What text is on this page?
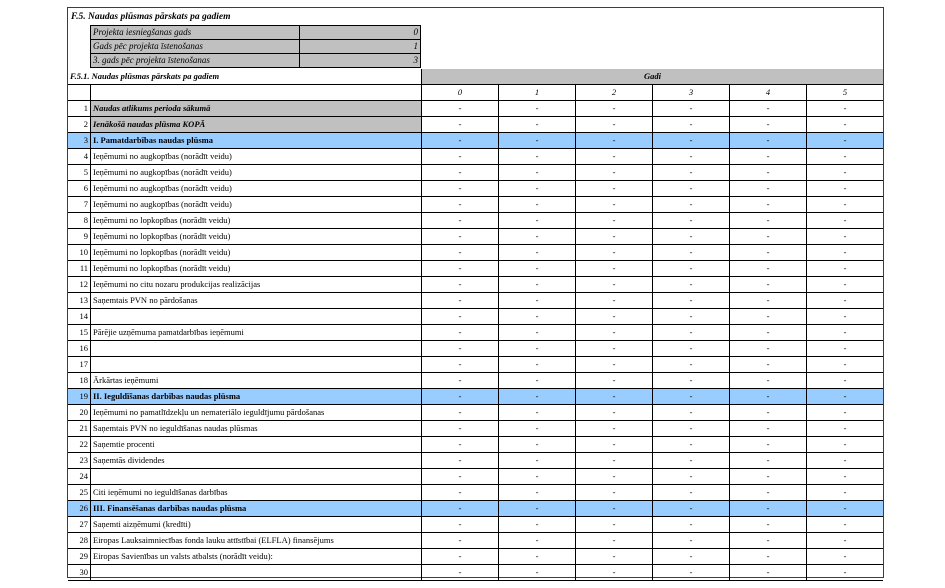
F.5. Naudas plūsmas pārskats pa gadiem
Projekta iesniegšanas gads	0
Gads pēc projekta īstenošanas	1
3. gads pēc projekta īstenošanas	3
F.5.1. Naudas plūsmas pārskats pa gadiem		Gadi					
		0	1	2	3	4	5
1	Naudas atlikums perioda sākumā	-	-	-	-	-	-
2	Ienākošā naudas plūsma KOPĀ	-	-	-	-	-	-
3	I. Pamatdarbības naudas plūsma	-	-	-	-	-	-
4	Ieņēmumi no augkopības (norādīt veidu)	-	-	-	-	-	-
5	Ieņēmumi no augkopības (norādīt veidu)	-	-	-	-	-	-
6	Ieņēmumi no augkopības (norādīt veidu)	-	-	-	-	-	-
7	Ieņēmumi no augkopības (norādīt veidu)	-	-	-	-	-	-
8	Ieņēmumi no lopkopības (norādīt veidu)	-	-	-	-	-	-
9	Ieņēmumi no lopkopības (norādīt veidu)	-	-	-	-	-	-
10	Ieņēmumi no lopkopības (norādīt veidu)	-	-	-	-	-	-
11	Ieņēmumi no lopkopības (norādīt veidu)	-	-	-	-	-	-
12	Ieņēmumi no citu nozaru produkcijas realizācijas	-	-	-	-	-	-
13	Saņemtais PVN no pārdošanas	-	-	-	-	-	-
14		-	-	-	-	-	-
15	Pārējie uzņēmuma pamatdarbības ieņēmumi	-	-	-	-	-	-
16		-	-	-	-	-	-
17		-	-	-	-	-	-
18	Ārkārtas ieņēmumi	-	-	-	-	-	-
19	II. Ieguldīšanas darbības naudas plūsma	-	-	-	-	-	-
20	Ieņēmumi no pamatlīdzekļu un nemateriālo ieguldījumu pārdošanas	-	-	-	-	-	-
21	Saņemtais PVN no ieguldīšanas naudas plūsmas	-	-	-	-	-	-
22	Saņemtie procenti	-	-	-	-	-	-
23	Saņemtās dividendes	-	-	-	-	-	-
24		-	-	-	-	-	-
25	Citi ieņēmumi no ieguldīšanas darbības	-	-	-	-	-	-
26	III. Finansēšanas darbības naudas plūsma	-	-	-	-	-	-
27	Saņemti aizņēmumi (kredīti)	-	-	-	-	-	-
28	Eiropas Lauksaimniecības fonda lauku attīstībai (ELFLA) finansējums	-	-	-	-	-	-
29	Eiropas Savienības un valsts atbalsts (norādīt veidu):	-	-	-	-	-	-
30		-	-	-	-	-	-
